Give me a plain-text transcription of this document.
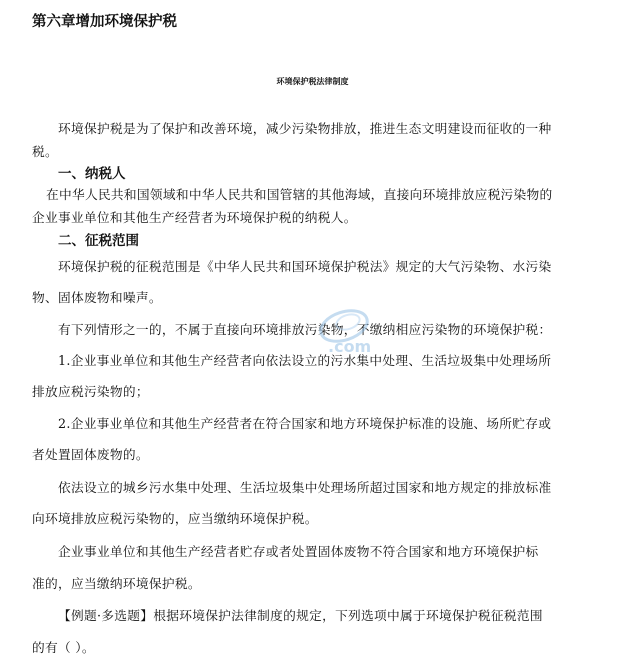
第六章增加环境保护税
环境保护税法律制度

环境保护税是为了保护和改善环境，减少污染物排放，推进生态文明建设而征收的一种

税。

一、纳税人

在中华人民共和国领域和中华人民共和国管辖的其他海域，直接向环境排放应税污染物的

企业事业单位和其他生产经营者为环境保护税的纳税人。

二、征税范围

环境保护税的征税范围是《中华人民共和国环境保护税法》规定的大气污染物、水污染

物、固体废物和噪声。

有下列情形之一的，不属于直接向环境排放污染物，不缴纳相应污染物的环境保护税：

1.企业事业单位和其他生产经营者向依法设立的污水集中处理、生活垃圾集中处理场所

排放应税污染物的；

2.企业事业单位和其他生产经营者在符合国家和地方环境保护标准的设施、场所贮存或

者处置固体废物的。

依法设立的城乡污水集中处理、生活垃圾集中处理场所超过国家和地方规定的排放标准

向环境排放应税污染物的，应当缴纳环境保护税。

企业事业单位和其他生产经营者贮存或者处置固体废物不符合国家和地方环境保护标

准的，应当缴纳环境保护税。

【例题·多选题】根据环境保护法律制度的规定，下列选项中属于环境保护税征税范围

的有（ ）。

.com
